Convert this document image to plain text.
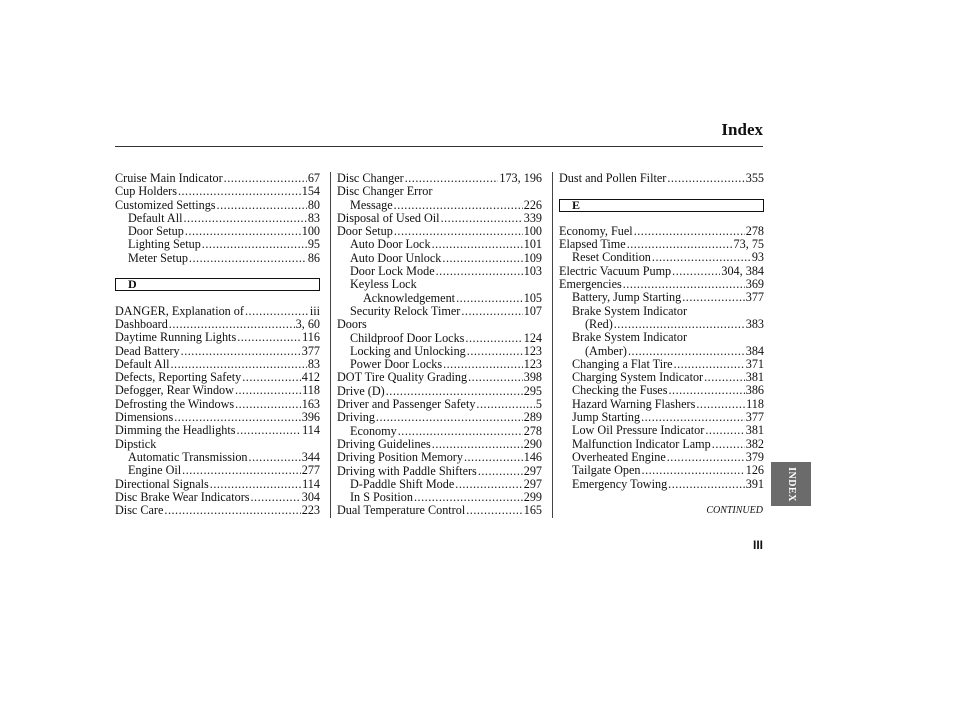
Index
Cruise Main Indicator .....	67
Cup Holders .....	154
Customized Settings .....	80
Default All .....	83
Door Setup .....	100
Lighting Setup .....	95
Meter Setup .....	86
D
DANGER, Explanation of .....	iii
Dashboard .....	3, 60
Daytime Running Lights .....	116
Dead Battery .....	377
Default All .....	83
Defects, Reporting Safety .....	412
Defogger, Rear Window .....	118
Defrosting the Windows .....	163
Dimensions .....	396
Dimming the Headlights .....	114
Dipstick
Automatic Transmission .....	344
Engine Oil .....	277
Directional Signals .....	114
Disc Brake Wear Indicators .....	304
Disc Care .....	223
Disc Changer .....	173, 196
Disc Changer Error
Message .....	226
Disposal of Used Oil .....	339
Door Setup .....	100
Auto Door Lock .....	101
Auto Door Unlock .....	109
Door Lock Mode .....	103
Keyless Lock
Acknowledgement .....	105
Security Relock Timer .....	107
Doors
Childproof Door Locks .....	124
Locking and Unlocking .....	123
Power Door Locks .....	123
DOT Tire Quality Grading .....	398
Drive (D) .....	295
Driver and Passenger Safety .....	5
Driving .....	289
Economy .....	278
Driving Guidelines .....	290
Driving Position Memory .....	146
Driving with Paddle Shifters .....	297
D-Paddle Shift Mode .....	297
In S Position .....	299
Dual Temperature Control .....	165
Dust and Pollen Filter .....	355
E
Economy, Fuel .....	278
Elapsed Time .....	73, 75
Reset Condition .....	93
Electric Vacuum Pump .....	304, 384
Emergencies .....	369
Battery, Jump Starting .....	377
Brake System Indicator
(Red) .....	383
Brake System Indicator
(Amber) .....	384
Changing a Flat Tire .....	371
Charging System Indicator .....	381
Checking the Fuses .....	386
Hazard Warning Flashers .....	118
Jump Starting .....	377
Low Oil Pressure Indicator .....	381
Malfunction Indicator Lamp .....	382
Overheated Engine .....	379
Tailgate Open .....	126
Emergency Towing .....	391 INDEX
CONTINUED
III
